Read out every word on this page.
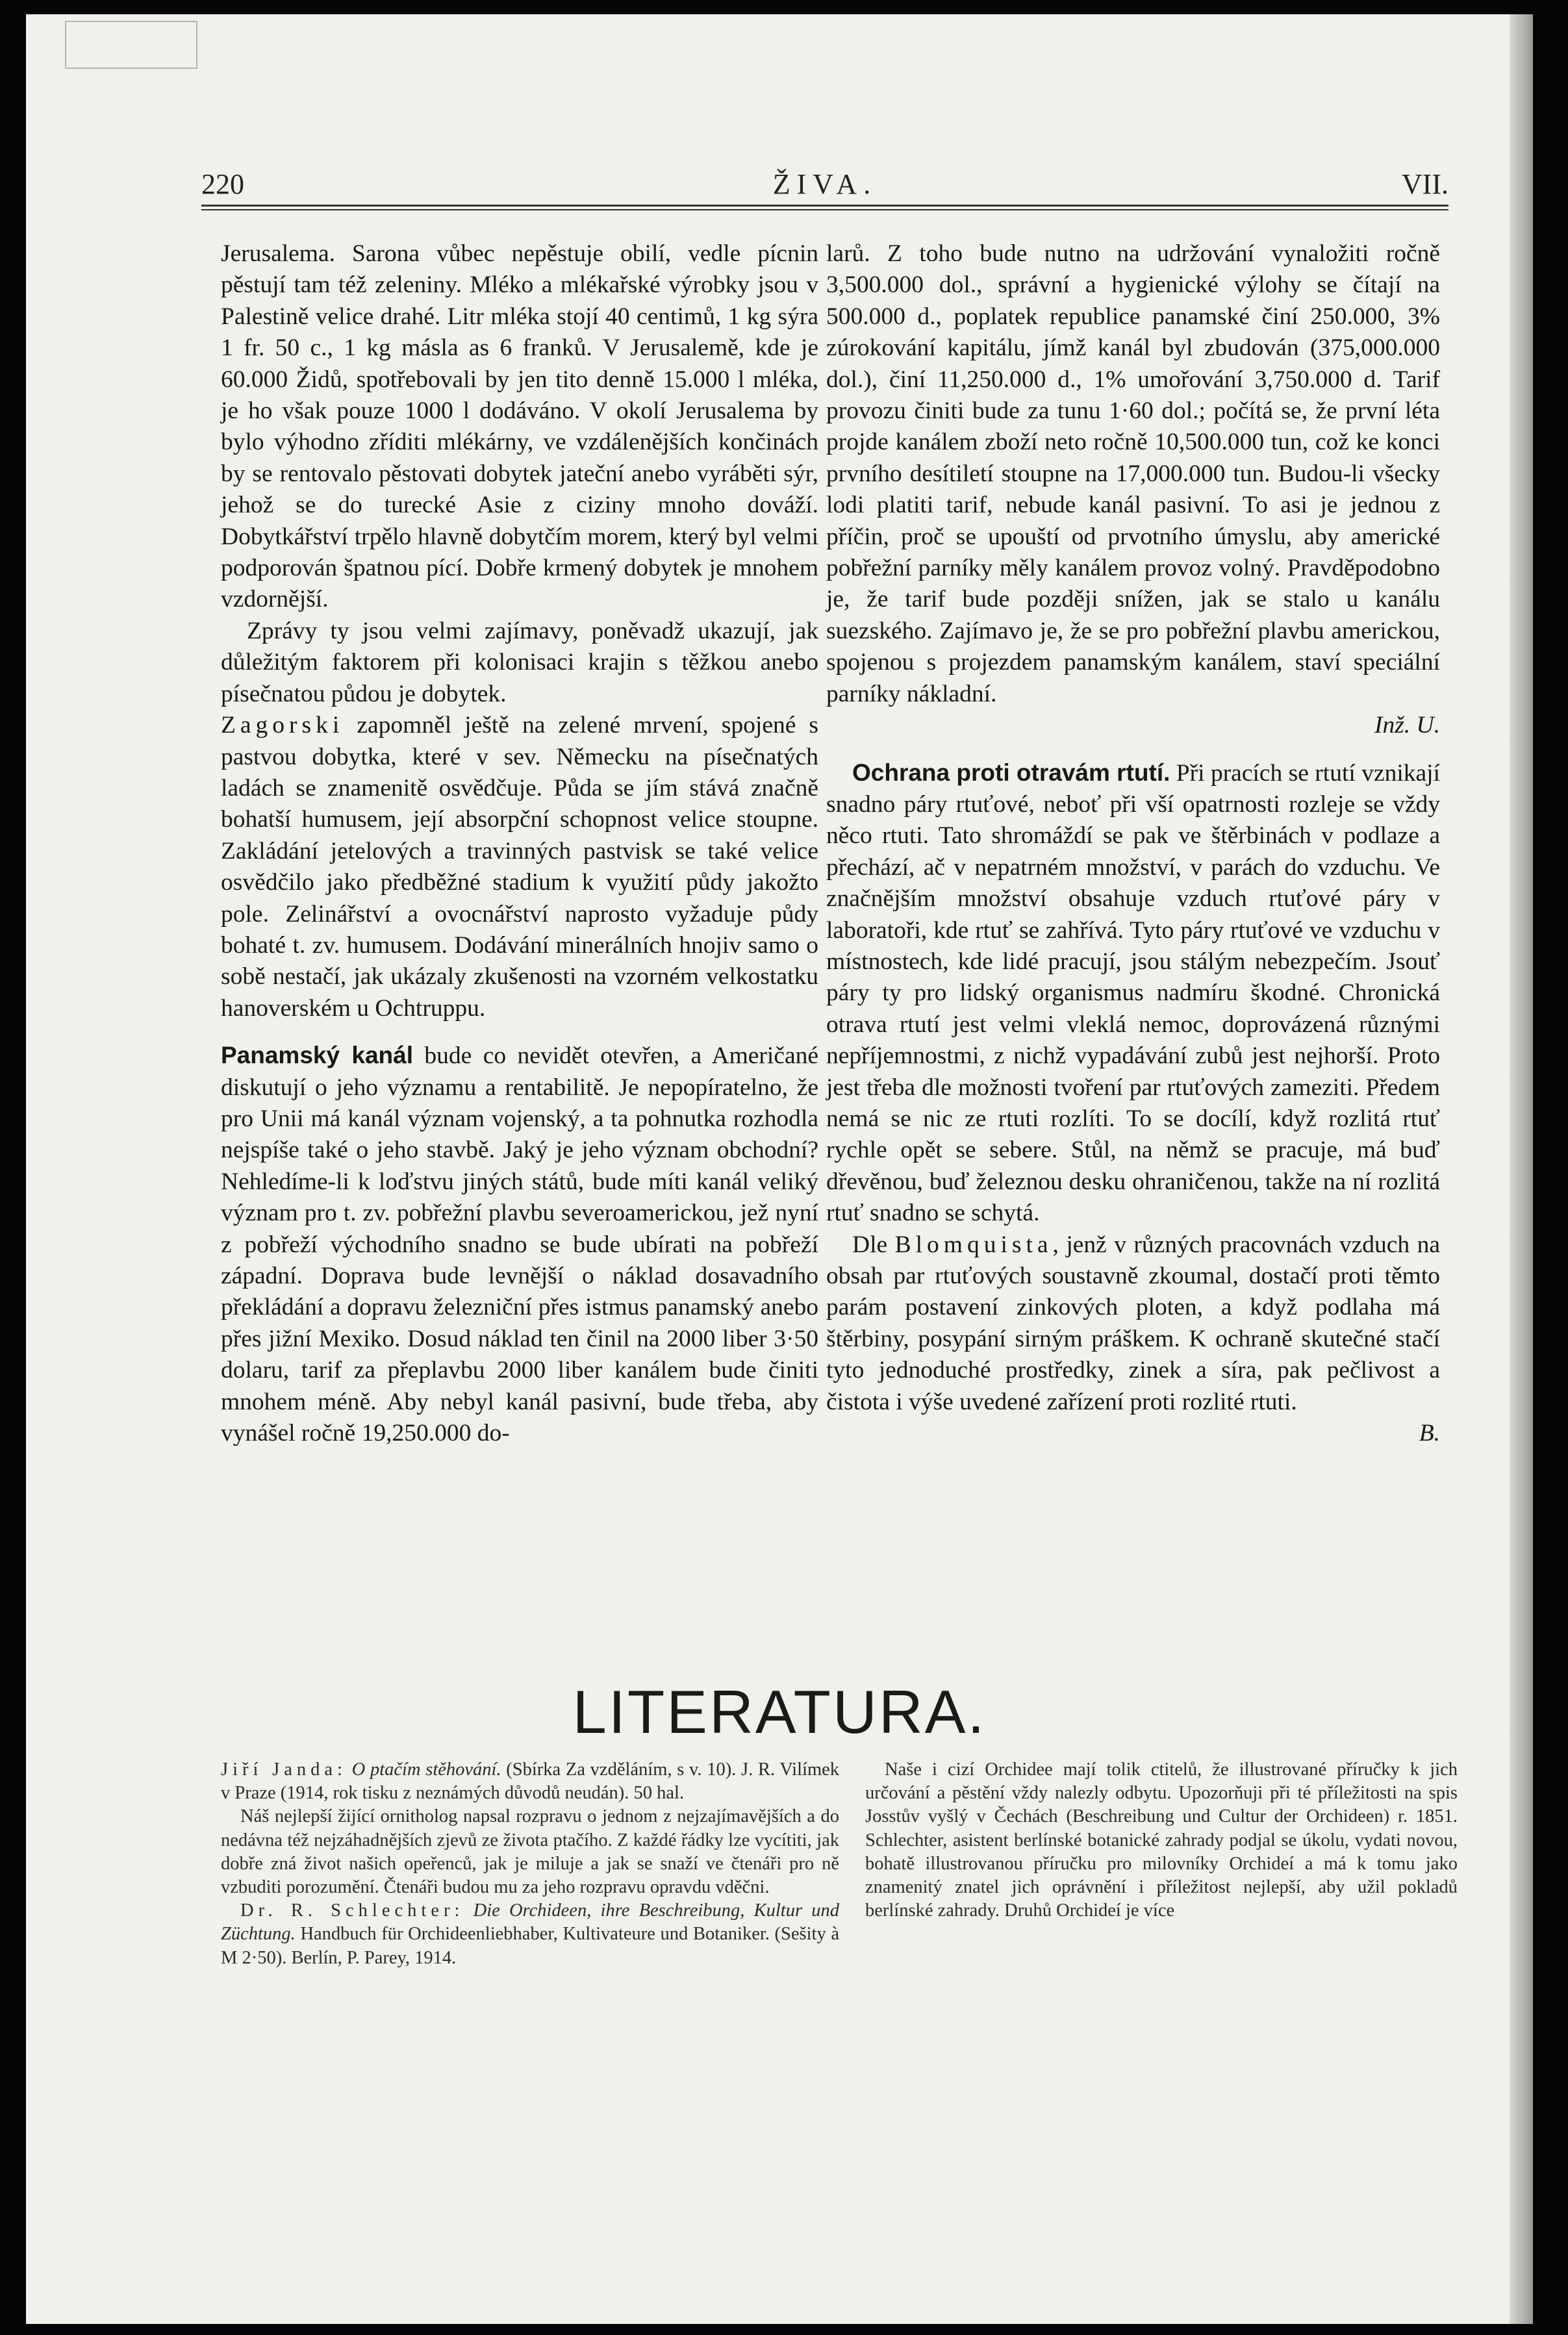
220	ŽIVA.	VII.

Jerusalema. Sarona vůbec nepěstuje obilí, vedle pícnin pěstují tam též zeleniny. Mléko a mlékařské výrobky jsou v Palestině velice drahé. Litr mléka stojí 40 centimů, 1 kg sýra 1 fr. 50 c., 1 kg másla as 6 franků. V Jerusalemě, kde je 60.000 Židů, spotřebovali by jen tito denně 15.000 l mléka, je ho však pouze 1000 l dodáváno. V okolí Jerusalema by bylo výhodno zříditi mlékárny, ve vzdálenějších končinách by se rentovalo pěstovati dobytek jateční anebo vyráběti sýr, jehož se do turecké Asie z ciziny mnoho dováží. Dobytkářství trpělo hlavně dobytčím morem, který byl velmi podporován špatnou pící. Dobře krmený dobytek je mnohem vzdornější.

Zprávy ty jsou velmi zajímavy, poněvadž ukazují, jak důležitým faktorem při kolonisaci krajin s těžkou anebo písečnatou půdou je dobytek.

Zagorski zapomněl ještě na zelené mrvení, spojené s pastvou dobytka, které v sev. Německu na písečnatých ladách se znamenitě osvědčuje. Půda se jím stává značně bohatší humusem, její absorpční schopnost velice stoupne. Zakládání jetelových a travinných pastvisk se také velice osvědčilo jako předběžné stadium k využití půdy jakožto pole. Zelinářství a ovocnářství naprosto vyžaduje půdy bohaté t. zv. humusem. Dodávání minerálních hnojiv samo o sobě nestačí, jak ukázaly zkušenosti na vzorném velkostatku hanoverském u Ochtruppu.

Panamský kanál bude co nevidět otevřen, a Američané diskutují o jeho významu a rentabilitě. Je nepopíratelno, že pro Unii má kanál význam vojenský, a ta pohnutka rozhodla nejspíše také o jeho stavbě. Jaký je jeho význam obchodní? Nehledíme-li k loďstvu jiných států, bude míti kanál veliký význam pro t. zv. pobřežní plavbu severoamerickou, jež nyní z pobřeží východního snadno se bude ubírati na pobřeží západní. Doprava bude levnější o náklad dosavadního překládání a dopravu železniční přes istmus panamský anebo přes jižní Mexiko. Dosud náklad ten činil na 2000 liber 3·50 dolaru, tarif za přeplavbu 2000 liber kanálem bude činiti mnohem méně. Aby nebyl kanál pasivní, bude třeba, aby vynášel ročně 19,250.000 do-

larů. Z toho bude nutno na udržování vynaložiti ročně 3,500.000 dol., správní a hygienické výlohy se čítají na 500.000 d., poplatek republice panamské činí 250.000, 3% zúrokování kapitálu, jímž kanál byl zbudován (375,000.000 dol.), činí 11,250.000 d., 1% umořování 3,750.000 d. Tarif provozu činiti bude za tunu 1·60 dol.; počítá se, že první léta projde kanálem zboží neto ročně 10,500.000 tun, což ke konci prvního desítiletí stoupne na 17,000.000 tun. Budou-li všecky lodi platiti tarif, nebude kanál pasivní. To asi je jednou z příčin, proč se upouští od prvotního úmyslu, aby americké pobřežní parníky měly kanálem provoz volný. Pravděpodobno je, že tarif bude později snížen, jak se stalo u kanálu suezského. Zajímavo je, že se pro pobřežní plavbu americkou, spojenou s projezdem panamským kanálem, staví speciální parníky nákladní.

Inž. U.

Ochrana proti otravám rtutí. Při pracích se rtutí vznikají snadno páry rtuťové, neboť při vší opatrnosti rozleje se vždy něco rtuti. Tato shromáždí se pak ve štěrbinách v podlaze a přechází, ač v nepatrném množství, v parách do vzduchu. Ve značnějším množství obsahuje vzduch rtuťové páry v laboratoři, kde rtuť se zahřívá. Tyto páry rtuťové ve vzduchu v místnostech, kde lidé pracují, jsou stálým nebezpečím. Jsouť páry ty pro lidský organismus nadmíru škodné. Chronická otrava rtutí jest velmi vleklá nemoc, doprovázená různými nepříjemnostmi, z nichž vypadávání zubů jest nejhorší. Proto jest třeba dle možnosti tvoření par rtuťových zameziti. Předem nemá se nic ze rtuti rozlíti. To se docílí, když rozlitá rtuť rychle opět se sebere. Stůl, na němž se pracuje, má buď dřevěnou, buď železnou desku ohraničenou, takže na ní rozlitá rtuť snadno se schytá.

Dle Blomquista, jenž v různých pracovnách vzduch na obsah par rtuťových soustavně zkoumal, dostačí proti těmto parám postavení zinkových ploten, a když podlaha má štěrbiny, posypání sirným práškem. K ochraně skutečné stačí tyto jednoduché prostředky, zinek a síra, pak pečlivost a čistota i výše uvedené zařízení proti rozlité rtuti.

B.

LITERATURA.

Jiří Janda: O ptačím stěhování. (Sbírka Za vzděláním, s v. 10). J. R. Vilímek v Praze (1914, rok tisku z neznámých důvodů neudán). 50 hal.

Náš nejlepší žijící ornitholog napsal rozpravu o jednom z nejzajímavějších a do nedávna též nejzáhadnějších zjevů ze života ptačího. Z každé řádky lze vycítiti, jak dobře zná život našich opeřenců, jak je miluje a jak se snaží ve čtenáři pro ně vzbuditi porozumění. Čtenáři budou mu za jeho rozpravu opravdu vděčni.

Dr. R. Schlechter: Die Orchideen, ihre Beschreibung, Kultur und Züchtung. Handbuch für Orchideenliebhaber, Kultivateure und Botaniker. (Sešity à M 2·50). Berlín, P. Parey, 1914.

Naše i cizí Orchidee mají tolik ctitelů, že illustrované příručky k jich určování a pěstění vždy nalezly odbytu. Upozorňuji při té příležitosti na spis Josstův vyšlý v Čechách (Beschreibung und Cultur der Orchideen) r. 1851. Schlechter, asistent berlínské botanické zahrady podjal se úkolu, vydati novou, bohatě illustrovanou příručku pro milovníky Orchideí a má k tomu jako znamenitý znatel jich oprávnění i příležitost nejlepší, aby užil pokladů berlínské zahrady. Druhů Orchideí je více
